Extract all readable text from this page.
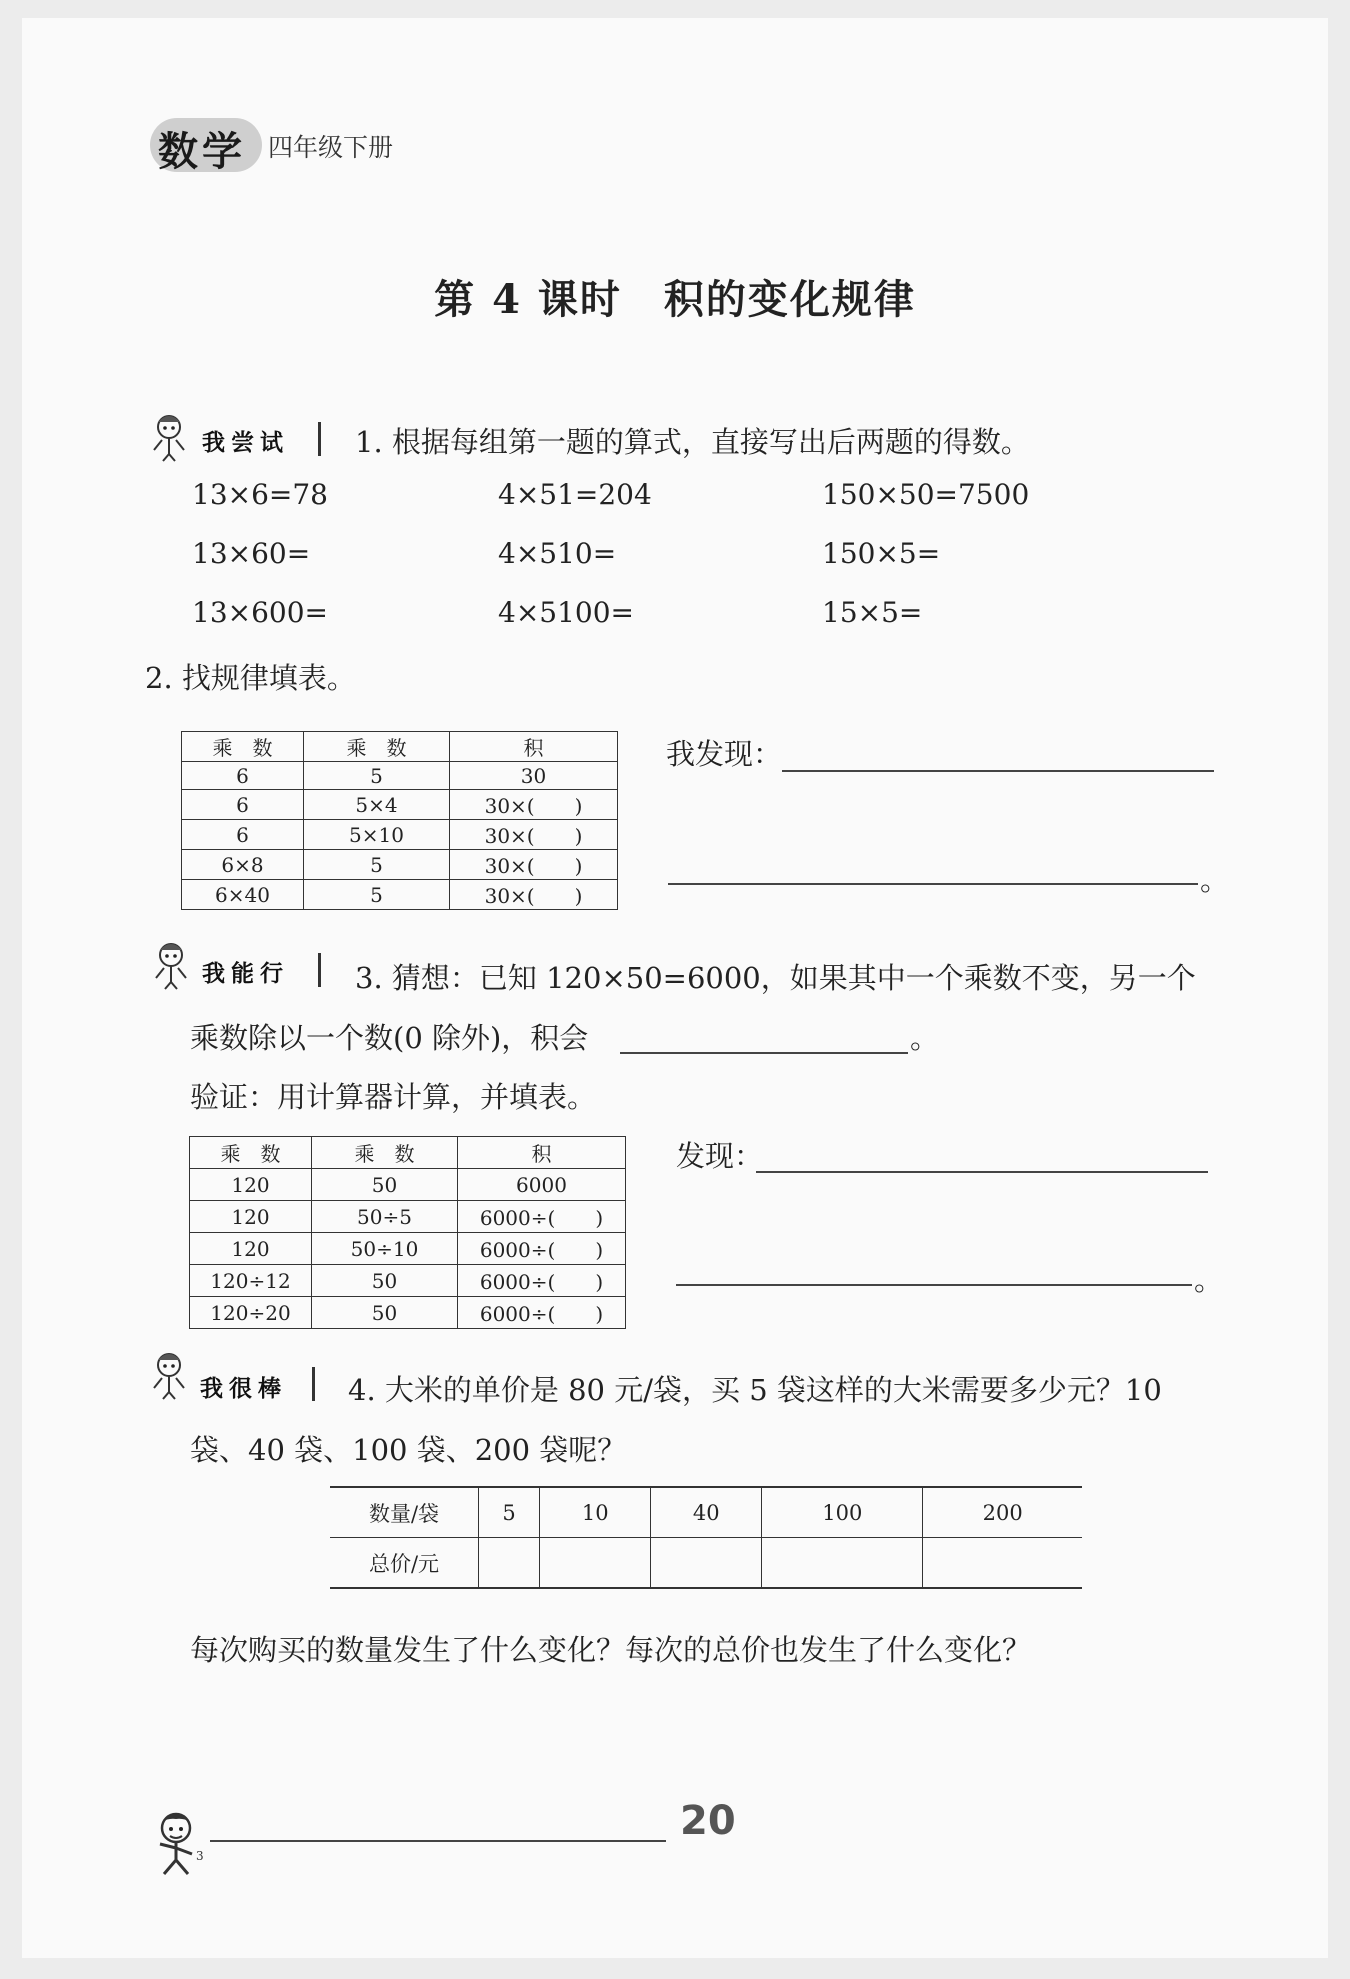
数学 四年级下册
第 4 课时　积的变化规律
我尝试 1. 根据每组第一题的算式，直接写出后两题的得数。
13×6=78	4×51=204	150×50=7500
13×60=	4×510=	150×5=
13×600=	4×5100=	15×5=
2. 找规律填表。
乘　数	乘　数	积
6	5	30
6	5×4	30×(　　)
6	5×10	30×(　　)
6×8	5	30×(　　)
6×40	5	30×(　　)
我发现：
。
我能行 3. 猜想：已知 120×50=6000，如果其中一个乘数不变，另一个
乘数除以一个数(0 除外)，积会	。
验证：用计算器计算，并填表。
乘　数	乘　数	积
120	50	6000
120	50÷5	6000÷(　　)
120	50÷10	6000÷(　　)
120÷12	50	6000÷(　　)
120÷20	50	6000÷(　　)
发现：
。
我很棒 4. 大米的单价是 80 元/袋，买 5 袋这样的大米需要多少元？10
袋、40 袋、100 袋、200 袋呢？
数量/袋	5	10	40	100	200
总价/元					
每次购买的数量发生了什么变化？每次的总价也发生了什么变化？
3
20
